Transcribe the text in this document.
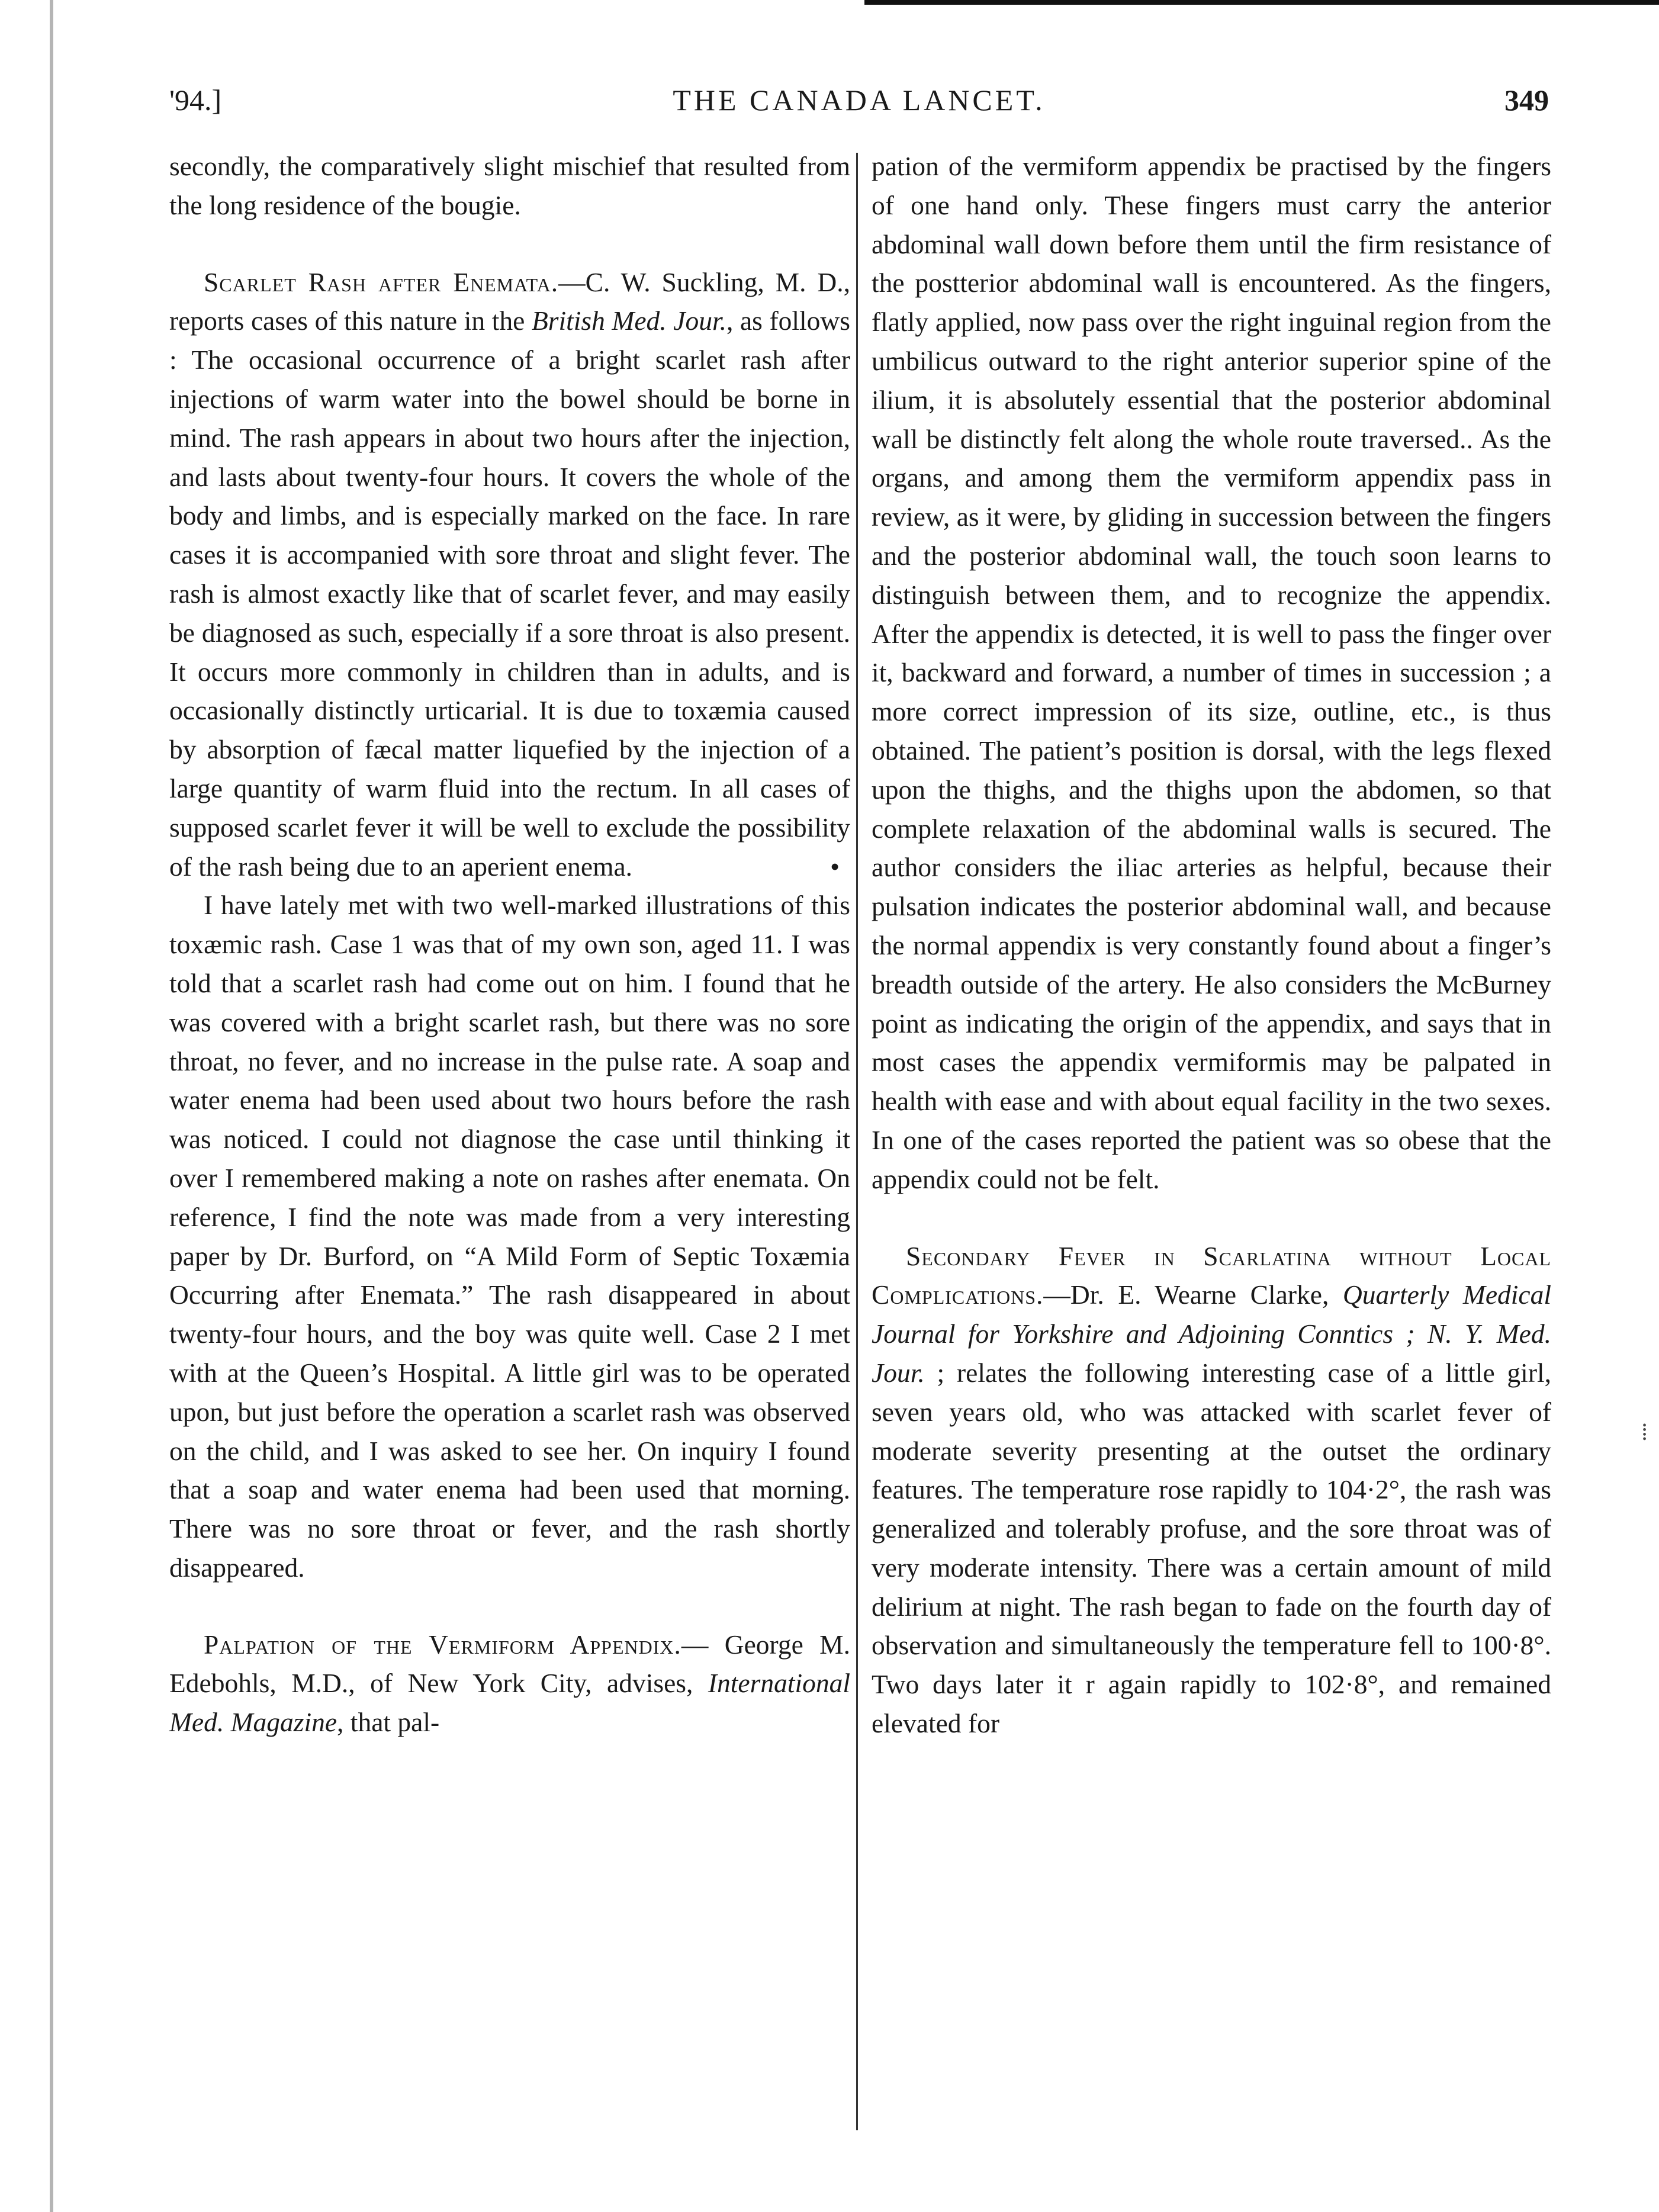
'94.]	THE CANADA LANCET.	349

secondly, the comparatively slight mischief that resulted from the long residence of the bougie.

Scarlet Rash after Enemata.—C. W. Suckling, M. D., reports cases of this nature in the British Med. Jour., as follows : The occasional occurrence of a bright scarlet rash after injections of warm water into the bowel should be borne in mind. The rash appears in about two hours after the injection, and lasts about twenty-four hours. It covers the whole of the body and limbs, and is especially marked on the face. In rare cases it is accompanied with sore throat and slight fever. The rash is almost exactly like that of scarlet fever, and may easily be diagnosed as such, especially if a sore throat is also present. It occurs more commonly in children than in adults, and is occasionally distinctly urticarial. It is due to toxæmia caused by absorption of fæcal matter liquefied by the injection of a large quantity of warm fluid into the rectum. In all cases of supposed scarlet fever it will be well to exclude the possibility of the rash being due to an aperient enema.	•

I have lately met with two well-marked illustrations of this toxæmic rash. Case 1 was that of my own son, aged 11. I was told that a scarlet rash had come out on him. I found that he was covered with a bright scarlet rash, but there was no sore throat, no fever, and no increase in the pulse rate. A soap and water enema had been used about two hours before the rash was noticed. I could not diagnose the case until thinking it over I remembered making a note on rashes after enemata. On reference, I find the note was made from a very interesting paper by Dr. Burford, on “A Mild Form of Septic Toxæmia Occurring after Enemata.” The rash disappeared in about twenty-four hours, and the boy was quite well. Case 2 I met with at the Queen’s Hospital. A little girl was to be operated upon, but just before the operation a scarlet rash was observed on the child, and I was asked to see her. On inquiry I found that a soap and water enema had been used that morning. There was no sore throat or fever, and the rash shortly disappeared.

Palpation of the Vermiform Appendix.— George M. Edebohls, M.D., of New York City, advises, International Med. Magazine, that pal-

pation of the vermiform appendix be practised by the fingers of one hand only. These fingers must carry the anterior abdominal wall down before them until the firm resistance of the postterior abdominal wall is encountered. As the fingers, flatly applied, now pass over the right inguinal region from the umbilicus outward to the right anterior superior spine of the ilium, it is absolutely essential that the posterior abdominal wall be distinctly felt along the whole route traversed.. As the organs, and among them the vermiform appendix pass in review, as it were, by gliding in succession between the fingers and the posterior abdominal wall, the touch soon learns to distinguish between them, and to recognize the appendix. After the appendix is detected, it is well to pass the finger over it, backward and forward, a number of times in succession ; a more correct impression of its size, outline, etc., is thus obtained. The patient’s position is dorsal, with the legs flexed upon the thighs, and the thighs upon the abdomen, so that complete relaxation of the abdominal walls is secured. The author considers the iliac arteries as helpful, because their pulsation indicates the posterior abdominal wall, and because the normal appendix is very constantly found about a finger’s breadth outside of the artery. He also considers the McBurney point as indicating the origin of the appendix, and says that in most cases the appendix vermiformis may be palpated in health with ease and with about equal facility in the two sexes. In one of the cases reported the patient was so obese that the appendix could not be felt.

Secondary Fever in Scarlatina without Local Complications.—Dr. E. Wearne Clarke, Quarterly Medical Journal for Yorkshire and Adjoining Conntics ; N. Y. Med. Jour. ; relates the following interesting case of a little girl, seven years old, who was attacked with scarlet fever of moderate severity presenting at the outset the ordinary features. The temperature rose rapidly to 104·2°, the rash was generalized and tolerably profuse, and the sore throat was of very moderate intensity. There was a certain amount of mild delirium at night. The rash began to fade on the fourth day of observation and simultaneously the temperature fell to 100·8°. Two days later it r again rapidly to 102·8°, and remained elevated for

⁞
